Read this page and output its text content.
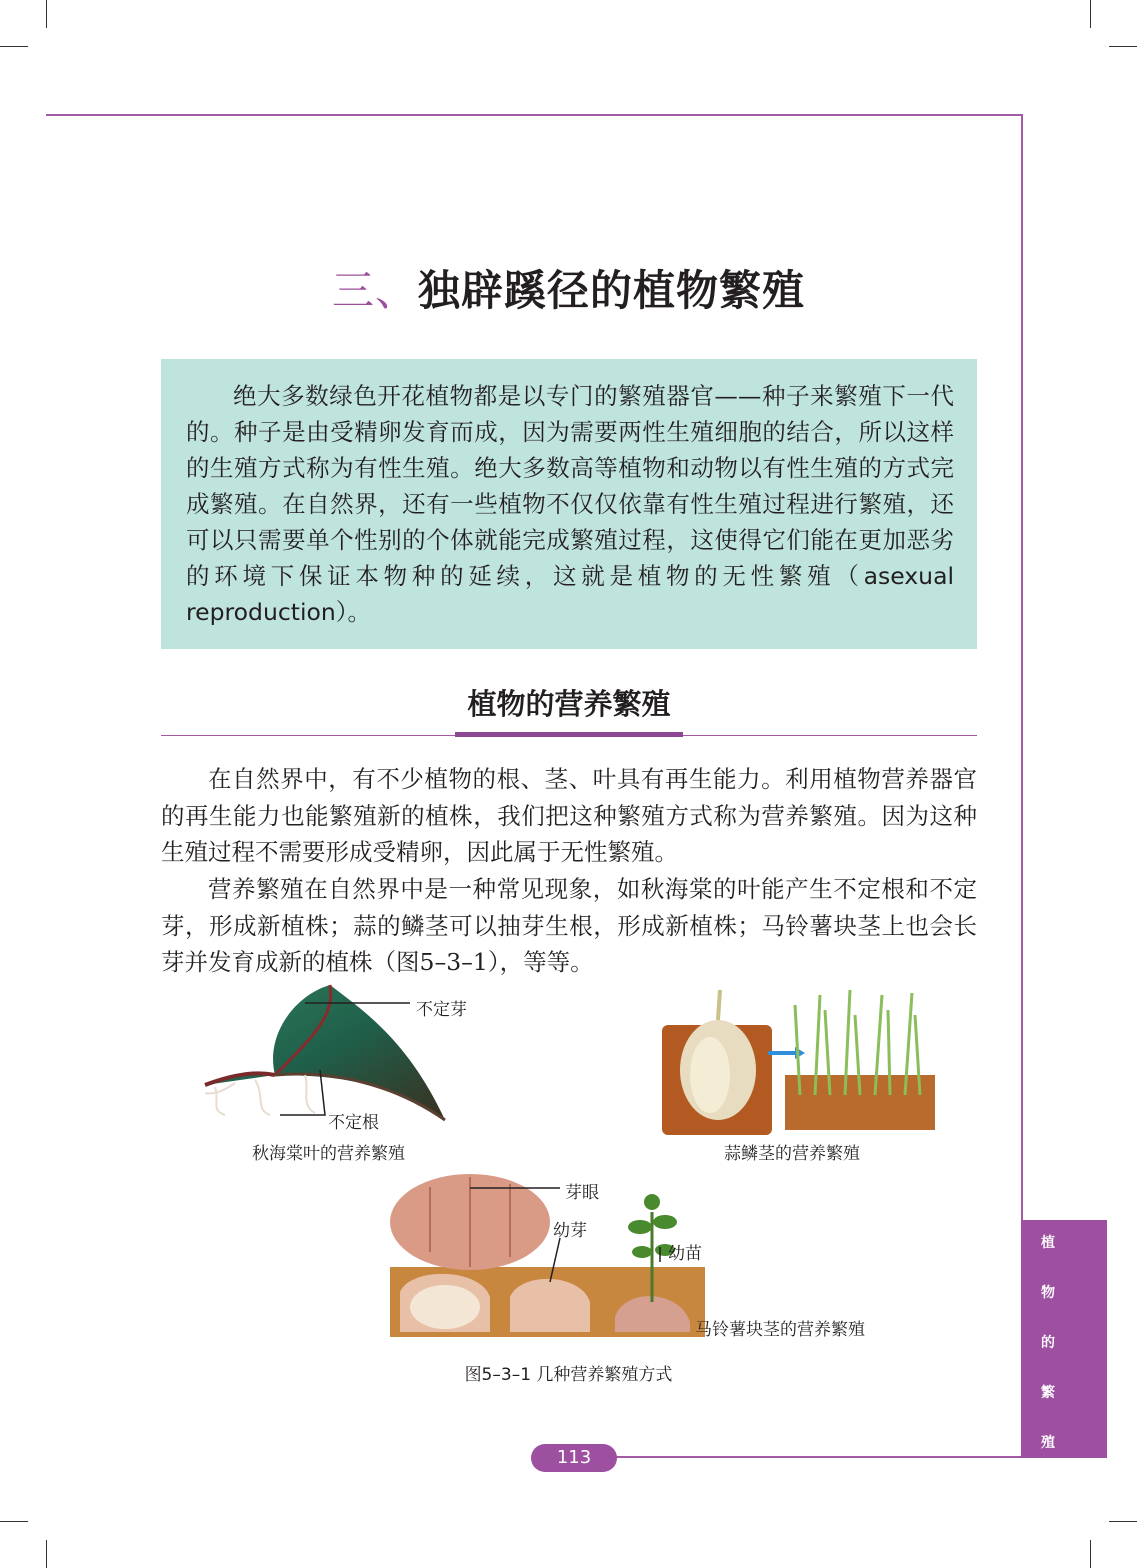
三、独辟蹊径的植物繁殖
绝大多数绿色开花植物都是以专门的繁殖器官——种子来繁殖下一代的。种子是由受精卵发育而成，因为需要两性生殖细胞的结合，所以这样的生殖方式称为有性生殖。绝大多数高等植物和动物以有性生殖的方式完成繁殖。在自然界，还有一些植物不仅仅依靠有性生殖过程进行繁殖，还可以只需要单个性别的个体就能完成繁殖过程，这使得它们能在更加恶劣的环境下保证本物种的延续，这就是植物的无性繁殖（asexual reproduction）。
植物的营养繁殖
在自然界中，有不少植物的根、茎、叶具有再生能力。利用植物营养器官的再生能力也能繁殖新的植株，我们把这种繁殖方式称为营养繁殖。因为这种生殖过程不需要形成受精卵，因此属于无性繁殖。
营养繁殖在自然界中是一种常见现象，如秋海棠的叶能产生不定根和不定芽，形成新植株；蒜的鳞茎可以抽芽生根，形成新植株；马铃薯块茎上也会长芽并发育成新的植株（图5–3–1），等等。
不定芽
不定根
秋海棠叶的营养繁殖	蒜鳞茎的营养繁殖
芽眼
幼芽
幼苗
马铃薯块茎的营养繁殖
图5–3–1 几种营养繁殖方式
植
物
的
繁
殖
113
